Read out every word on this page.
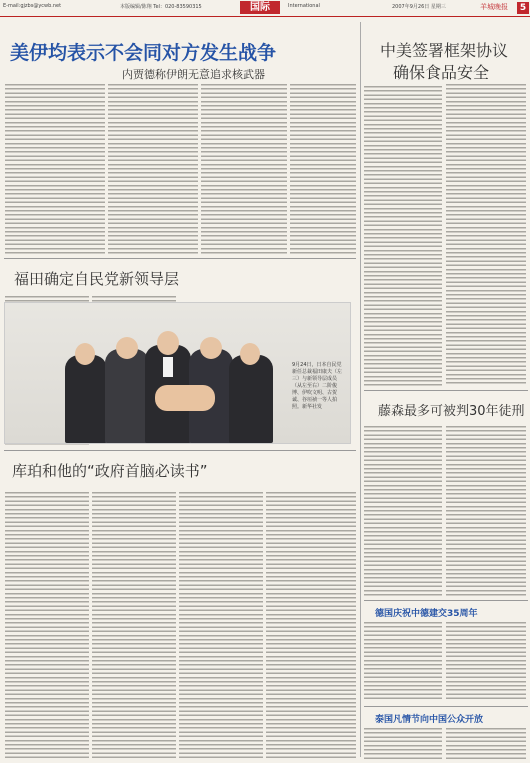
E-mail:gjzbs@ycwb.net	本版编辑/陈翔 Tel：020-83590315	国际	International	2007年9月26日 星期三	羊城晚报	5
美伊均表示不会同对方发生战争
内贾德称伊朗无意追求核武器
中美签署框架协议
确保食品安全
藤森最多可被判30年徒刑
德国庆祝中德建交35周年
泰国凡情节向中国公众开放
福田确定自民党新领导层
9月24日，日本自民党新任总裁福田康夫（左三）与新领导层成员（从左至右）二阶俊博、伊吹文明、古贺诚、谷垣祯一等人拍照。新华社发
库珀和他的“政府首脑必读书”
